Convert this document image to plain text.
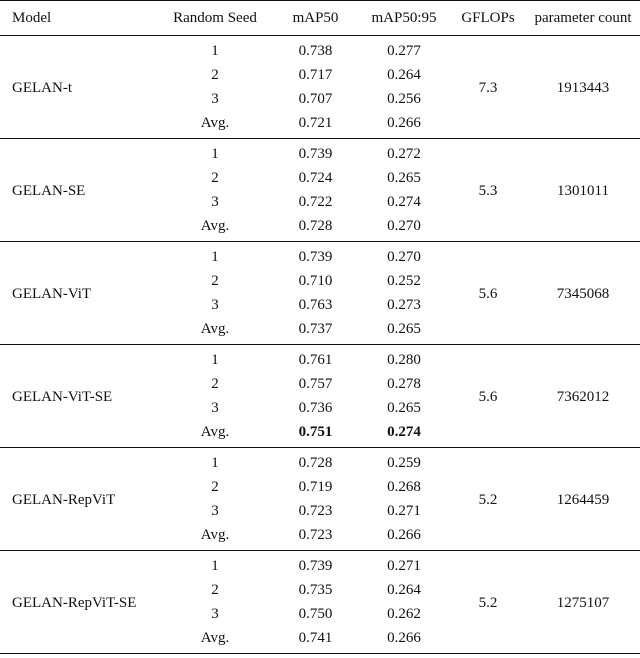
Model	Random Seed	mAP50	mAP50:95	GFLOPs	parameter count
GELAN-t	1	0.738	0.277	7.3	1913443
	2	0.717	0.264		
	3	0.707	0.256		
	Avg.	0.721	0.266		
GELAN-SE	1	0.739	0.272	5.3	1301011
	2	0.724	0.265		
	3	0.722	0.274		
	Avg.	0.728	0.270		
GELAN-ViT	1	0.739	0.270	5.6	7345068
	2	0.710	0.252		
	3	0.763	0.273		
	Avg.	0.737	0.265		
GELAN-ViT-SE	1	0.761	0.280	5.6	7362012
	2	0.757	0.278		
	3	0.736	0.265		
	Avg.	0.751	0.274		
GELAN-RepViT	1	0.728	0.259	5.2	1264459
	2	0.719	0.268		
	3	0.723	0.271		
	Avg.	0.723	0.266		
GELAN-RepViT-SE	1	0.739	0.271	5.2	1275107
	2	0.735	0.264		
	3	0.750	0.262		
	Avg.	0.741	0.266		
